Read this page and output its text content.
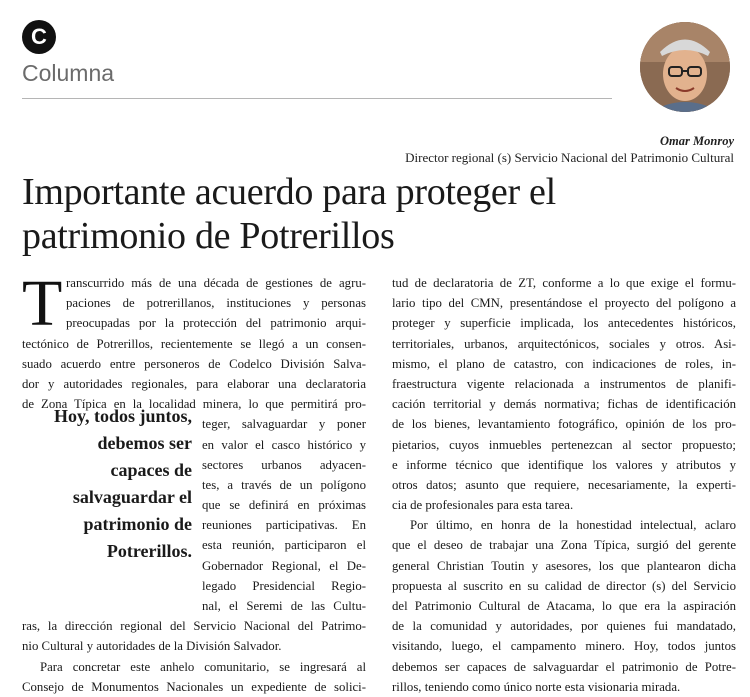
C
Columna
Omar Monroy
Director regional (s) Servicio Nacional del Patrimonio Cultural
Importante acuerdo para proteger el
patrimonio de Potrerillos
T ranscurrido más de una década de gestiones de agru-
paciones de potrerillanos, instituciones y personas
preocupadas por la protección del patrimonio arqui-
tectónico de Potrerillos, recientemente se llegó a un consen-
suado acuerdo entre personeros de Codelco División Salva-
dor y autoridades regionales, para elaborar una declaratoria
de Zona Típica en la localidad minera, lo que permitirá pro-
teger, salvaguardar y poner
en valor el casco histórico y
sectores urbanos adyacen-
tes, a través de un polígono
que se definirá en próximas
reuniones participativas. En
esta reunión, participaron el
Gobernador Regional, el De-
legado Presidencial Regio-
nal, el Seremi de las Cultu-
ras, la dirección regional del Servicio Nacional del Patrimo-
nio Cultural y autoridades de la División Salvador.
Para concretar este anhelo comunitario, se ingresará al
Consejo de Monumentos Nacionales un expediente de solici-
Hoy, todos juntos,
debemos ser
capaces de
salvaguardar el
patrimonio de
Potrerillos.
tud de declaratoria de ZT, conforme a lo que exige el formu-
lario tipo del CMN, presentándose el proyecto del polígono a
proteger y superficie implicada, los antecedentes históricos,
territoriales, urbanos, arquitectónicos, sociales y otros. Asi-
mismo, el plano de catastro, con indicaciones de roles, in-
fraestructura vigente relacionada a instrumentos de planifi-
cación territorial y demás normativa; fichas de identificación
de los bienes, levantamiento fotográfico, opinión de los pro-
pietarios, cuyos inmuebles pertenezcan al sector propuesto;
e informe técnico que identifique los valores y atributos y
otros datos; asunto que requiere, necesariamente, la experti-
cia de profesionales para esta tarea.
Por último, en honra de la honestidad intelectual, aclaro
que el deseo de trabajar una Zona Típica, surgió del gerente
general Christian Toutin y asesores, los que plantearon dicha
propuesta al suscrito en su calidad de director (s) del Servicio
del Patrimonio Cultural de Atacama, lo que era la aspiración
de la comunidad y autoridades, por quienes fui mandatado,
visitando, luego, el campamento minero. Hoy, todos juntos
debemos ser capaces de salvaguardar el patrimonio de Potre-
rillos, teniendo como único norte esta visionaria mirada.
